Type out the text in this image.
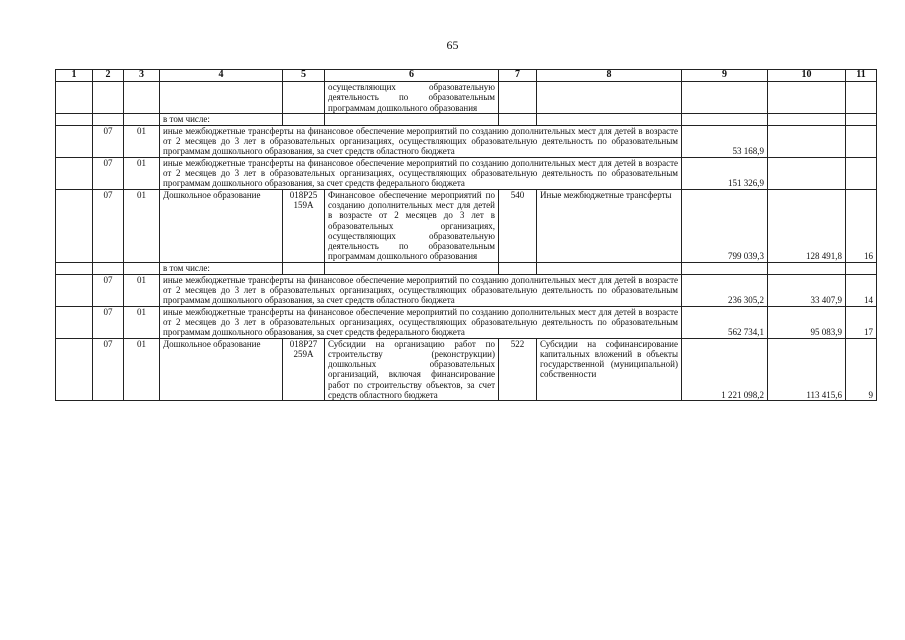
65
1	2	3	4	5	6	7	8	9	10	11
					осуществляющих образовательную деятельность по образовательным программам дошкольного образования					
			в том числе:							
	07	01	иные межбюджетные трансферты на финансовое обеспечение мероприятий по созданию дополнительных мест для детей в возрасте от 2 месяцев до 3 лет в образовательных организациях, осуществляющих образовательную деятельность по образовательным программам дошкольного образования, за счет средств областного бюджета					53 168,9		
	07	01	иные межбюджетные трансферты на финансовое обеспечение мероприятий по созданию дополнительных мест для детей в возрасте от 2 месяцев до 3 лет в образовательных организациях, осуществляющих образовательную деятельность по образовательным программам дошкольного образования, за счет средств федерального бюджета					151 326,9		
	07	01	Дошкольное образование	018Р25 159А	Финансовое обеспечение мероприятий по созданию дополнительных мест для детей в возрасте от 2 месяцев до 3 лет в образовательных организациях, осуществляющих образовательную деятельность по образовательным программам дошкольного образования	540	Иные межбюджетные трансферты	799 039,3	128 491,8	16
			в том числе:							
	07	01	иные межбюджетные трансферты на финансовое обеспечение мероприятий по созданию дополнительных мест для детей в возрасте от 2 месяцев до 3 лет в образовательных организациях, осуществляющих образовательную деятельность по образовательным программам дошкольного образования, за счет средств областного бюджета					236 305,2	33 407,9	14
	07	01	иные межбюджетные трансферты на финансовое обеспечение мероприятий по созданию дополнительных мест для детей в возрасте от 2 месяцев до 3 лет в образовательных организациях, осуществляющих образовательную деятельность по образовательным программам дошкольного образования, за счет средств федерального бюджета					562 734,1	95 083,9	17
	07	01	Дошкольное образование	018Р27 259А	Субсидии на организацию работ по строительству (реконструкции) дошкольных образовательных организаций, включая финансирование работ по строительству объектов, за счет средств областного бюджета	522	Субсидии на софинансирование капитальных вложений в объекты государственной (муниципальной) собственности	1 221 098,2	113 415,6	9
